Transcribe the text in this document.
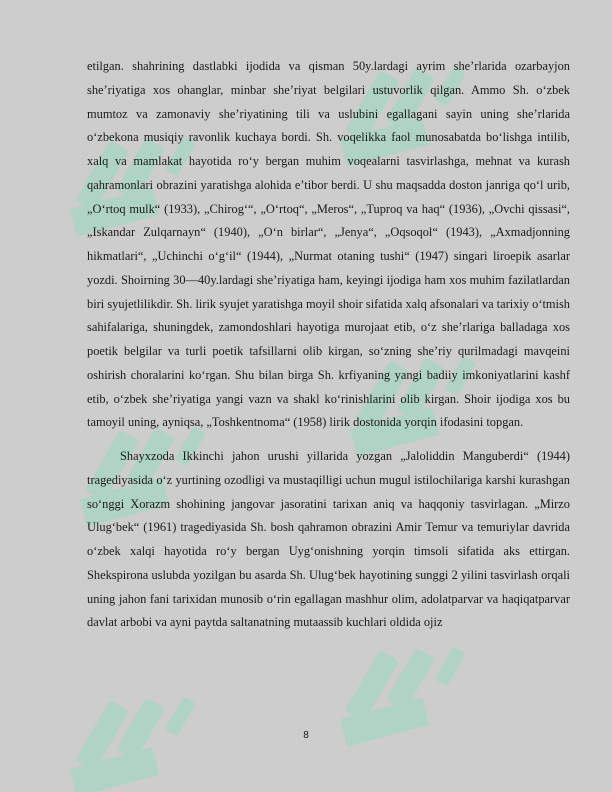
etilgan. shahrining dastlabki ijodida va qisman 50y.lardagi ayrim she’rlarida ozarbayjon she’riyatiga xos ohanglar, minbar she’riyat belgilari ustuvorlik qilgan. Ammo Sh. o‘zbek mumtoz va zamonaviy she’riyatining tili va uslubini egallagani sayin uning she’rlarida o‘zbekona musiqiy ravonlik kuchaya bordi. Sh. voqelikka faol munosabatda bo‘lishga intilib, xalq va mamlakat hayotida ro‘y bergan muhim voqealarni tasvirlashga, mehnat va kurash qahramonlari obrazini yaratishga alohida e’tibor berdi. U shu maqsadda doston janriga qo‘l urib, „O‘rtoq mulk“ (1933), „Chirog‘“, „O‘rtoq“, „Meros“, „Tuproq va haq“ (1936), „Ovchi qissasi“, „Iskandar Zulqarnayn“ (1940), „O‘n birlar“, „Jenya“, „Oqsoqol“ (1943), „Axmadjonning hikmatlari“, „Uchinchi o‘g‘il“ (1944), „Nurmat otaning tushi“ (1947) singari liroepik asarlar yozdi. Shoirning 30—40y.lardagi she’riyatiga ham, keyingi ijodiga ham xos muhim fazilatlardan biri syujetlilikdir. Sh. lirik syujet yaratishga moyil shoir sifatida xalq afsonalari va tarixiy o‘tmish sahifalariga, shuningdek, zamondoshlari hayotiga murojaat etib, o‘z she’rlariga balladaga xos poetik belgilar va turli poetik tafsillarni olib kirgan, so‘zning she’riy qurilmadagi mavqeini oshirish choralarini ko‘rgan. Shu bilan birga Sh. krfiyaning yangi badiiy imkoniyatlarini kashf etib, o‘zbek she’riyatiga yangi vazn va shakl ko‘rinishlarini olib kirgan. Shoir ijodiga xos bu tamoyil uning, ayniqsa, „Toshkentnoma“ (1958) lirik dostonida yorqin ifodasini topgan.

Shayxzoda Ikkinchi jahon urushi yillarida yozgan „Jaloliddin Manguberdi“ (1944) tragediyasida o‘z yurtining ozodligi va mustaqilligi uchun mugul istilochilariga karshi kurashgan so‘nggi Xorazm shohining jangovar jasoratini tarixan aniq va haqqoniy tasvirlagan. „Mirzo Ulug‘bek“ (1961) tragediyasida Sh. bosh qahramon obrazini Amir Temur va temuriylar davrida o‘zbek xalqi hayotida ro‘y bergan Uyg‘onishning yorqin timsoli sifatida aks ettirgan. Shekspirona uslubda yozilgan bu asarda Sh. Ulug‘bek hayotining sunggi 2 yilini tasvirlash orqali uning jahon fani tarixidan munosib o‘rin egallagan mashhur olim, adolatparvar va haqiqatparvar davlat arbobi va ayni paytda saltanatning mutaassib kuchlari oldida ojiz

8
